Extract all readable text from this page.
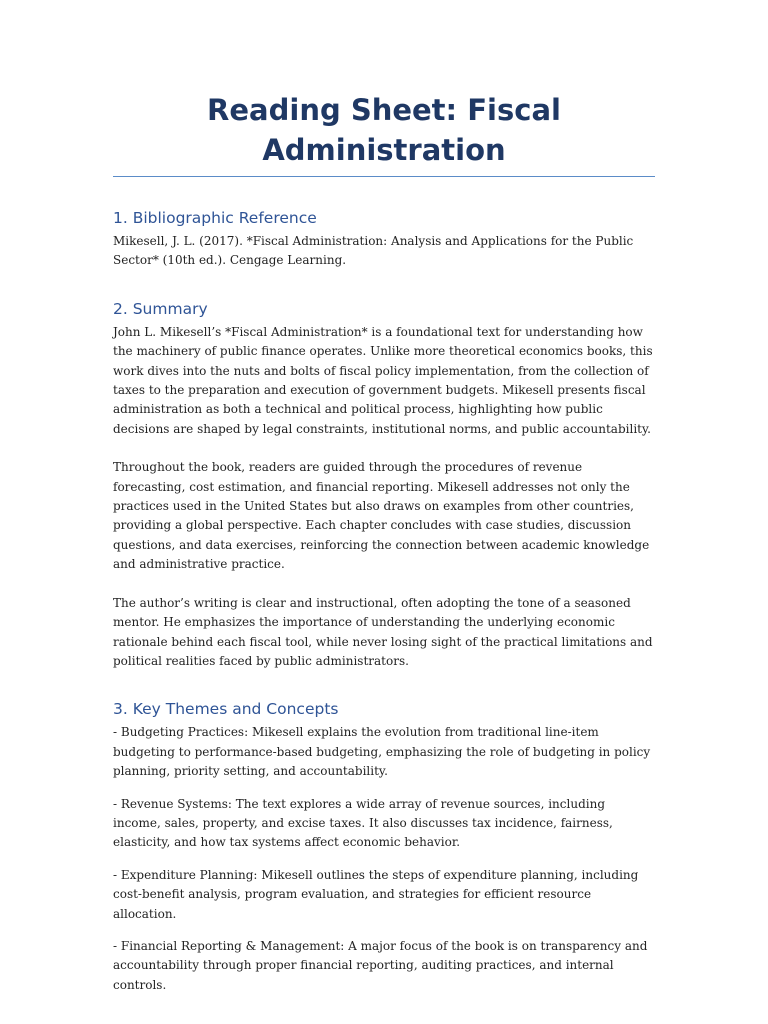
Reading Sheet: Fiscal Administration
1. Bibliographic Reference

Mikesell, J. L. (2017). *Fiscal Administration: Analysis and Applications for the Public Sector* (10th ed.). Cengage Learning.

2. Summary

John L. Mikesell’s *Fiscal Administration* is a foundational text for understanding how the machinery of public finance operates. Unlike more theoretical economics books, this work dives into the nuts and bolts of fiscal policy implementation, from the collection of taxes to the preparation and execution of government budgets. Mikesell presents fiscal administration as both a technical and political process, highlighting how public decisions are shaped by legal constraints, institutional norms, and public accountability.

Throughout the book, readers are guided through the procedures of revenue forecasting, cost estimation, and financial reporting. Mikesell addresses not only the practices used in the United States but also draws on examples from other countries, providing a global perspective. Each chapter concludes with case studies, discussion questions, and data exercises, reinforcing the connection between academic knowledge and administrative practice.

The author’s writing is clear and instructional, often adopting the tone of a seasoned mentor. He emphasizes the importance of understanding the underlying economic rationale behind each fiscal tool, while never losing sight of the practical limitations and political realities faced by public administrators.

3. Key Themes and Concepts

- Budgeting Practices: Mikesell explains the evolution from traditional line-item budgeting to performance-based budgeting, emphasizing the role of budgeting in policy planning, priority setting, and accountability.

- Revenue Systems: The text explores a wide array of revenue sources, including income, sales, property, and excise taxes. It also discusses tax incidence, fairness, elasticity, and how tax systems affect economic behavior.

- Expenditure Planning: Mikesell outlines the steps of expenditure planning, including cost-benefit analysis, program evaluation, and strategies for efficient resource allocation.

- Financial Reporting & Management: A major focus of the book is on transparency and accountability through proper financial reporting, auditing practices, and internal controls.
